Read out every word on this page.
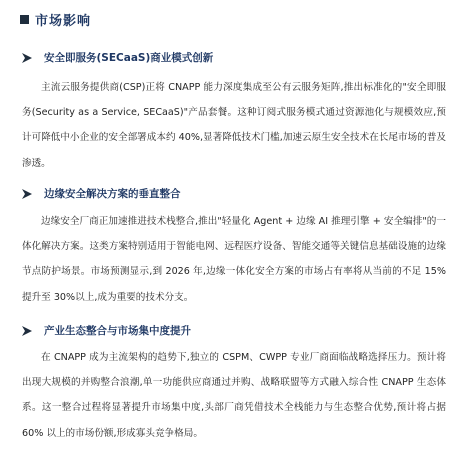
市场影响
安全即服务(SECaaS)商业模式创新

主流云服务提供商(CSP)正将 CNAPP 能力深度集成至公有云服务矩阵,推出标准化的"安全即服务(Security as a Service, SECaaS)"产品套餐。这种订阅式服务模式通过资源池化与规模效应,预计可降低中小企业的安全部署成本约 40%,显著降低技术门槛,加速云原生安全技术在长尾市场的普及渗透。

边缘安全解决方案的垂直整合

边缘安全厂商正加速推进技术栈整合,推出"轻量化 Agent + 边缘 AI 推理引擎 + 安全编排"的一体化解决方案。这类方案特别适用于智能电网、远程医疗设备、智能交通等关键信息基础设施的边缘节点防护场景。市场预测显示,到 2026 年,边缘一体化安全方案的市场占有率将从当前的不足 15%提升至 30%以上,成为重要的技术分支。

产业生态整合与市场集中度提升

在 CNAPP 成为主流架构的趋势下,独立的 CSPM、CWPP 专业厂商面临战略选择压力。预计将出现大规模的并购整合浪潮,单一功能供应商通过并购、战略联盟等方式融入综合性 CNAPP 生态体系。这一整合过程将显著提升市场集中度,头部厂商凭借技术全栈能力与生态整合优势,预计将占据60% 以上的市场份额,形成寡头竞争格局。
